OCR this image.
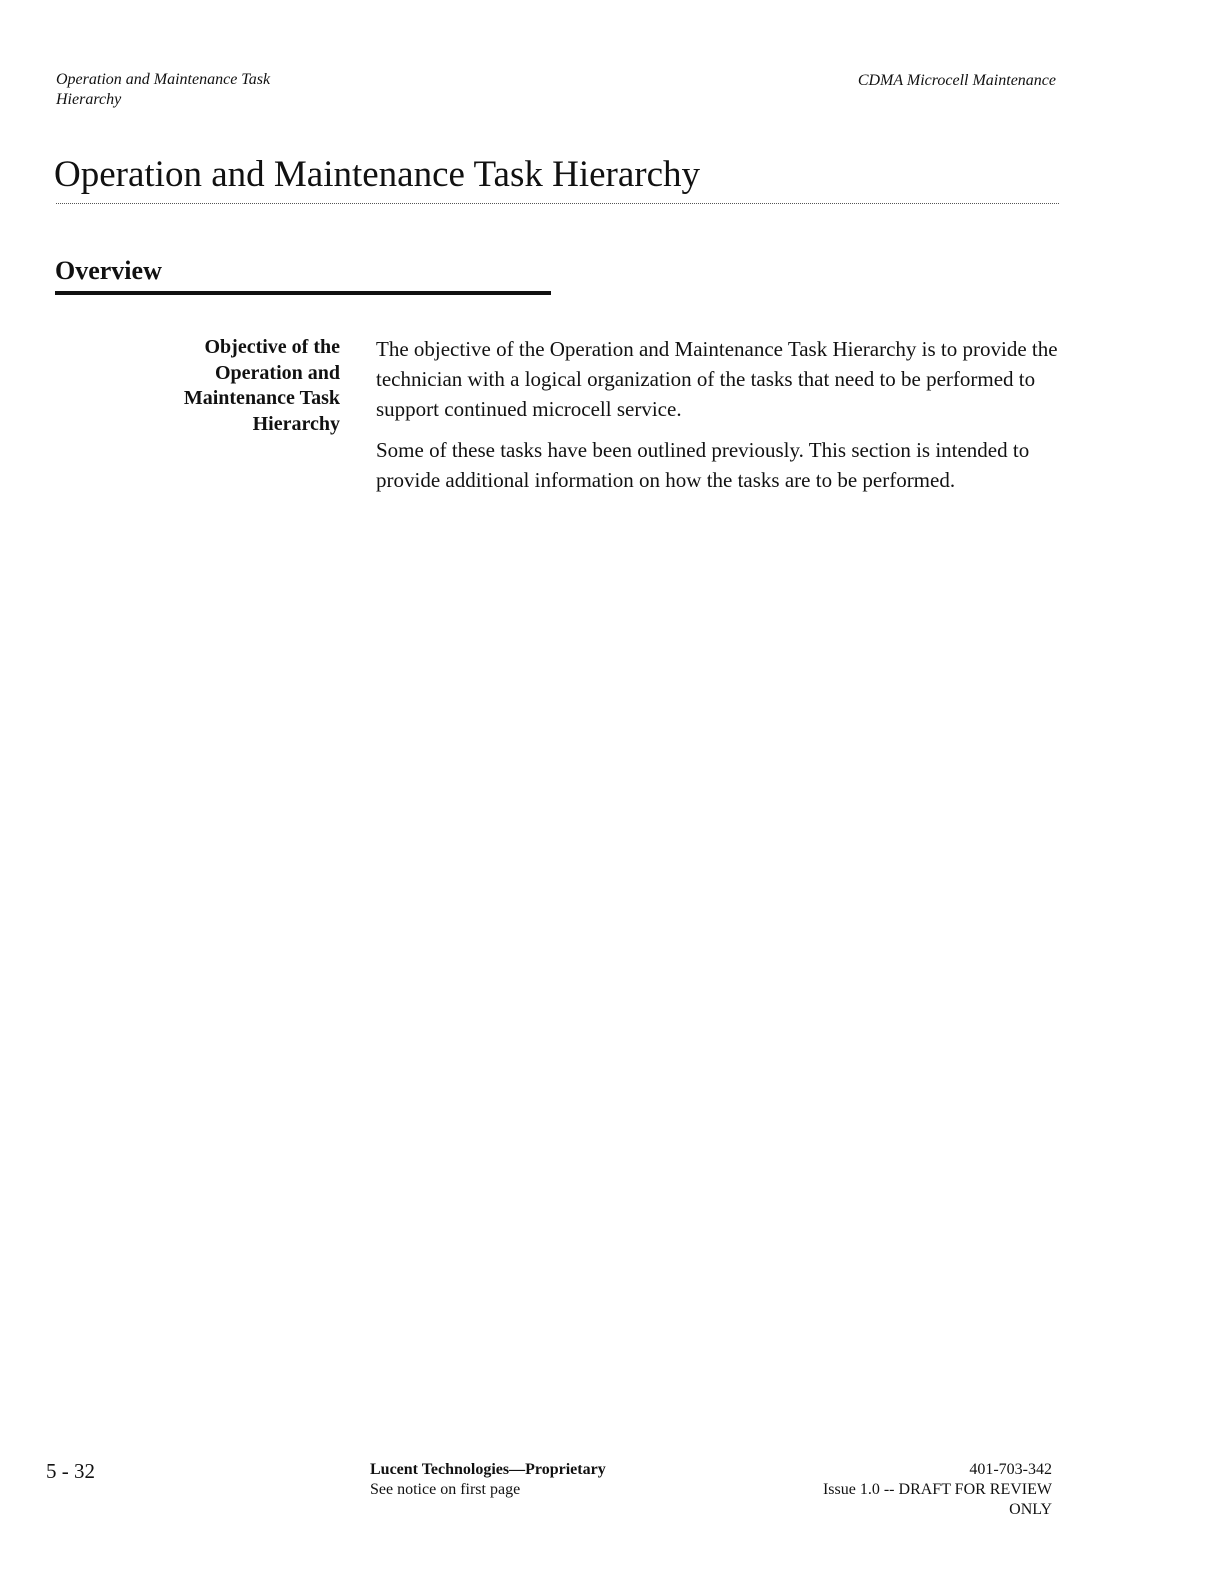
Operation and Maintenance Task
Hierarchy
CDMA Microcell Maintenance
Operation and Maintenance Task Hierarchy
Overview
Objective of the
Operation and
Maintenance Task
Hierarchy

The objective of the Operation and Maintenance Task Hierarchy is to provide the technician with a logical organization of the tasks that need to be performed to support continued microcell service.

Some of these tasks have been outlined previously. This section is intended to provide additional information on how the tasks are to be performed.

5 - 32	Lucent Technologies—Proprietary
See notice on first page
401-703-342
Issue 1.0 -- DRAFT FOR REVIEW
ONLY
